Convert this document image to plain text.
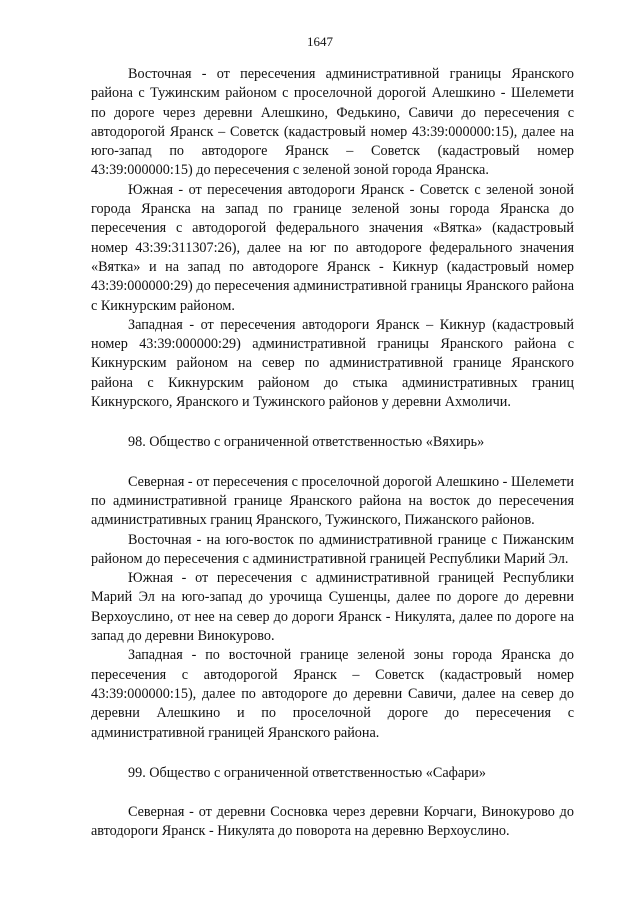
1647

Восточная - от пересечения административной границы Яранского района с Тужинским районом с проселочной дорогой Алешкино - Шелемети по дороге через деревни Алешкино, Федькино, Савичи до пересечения с автодорогой Яранск – Советск (кадастровый номер 43:39:000000:15), далее на юго-запад по автодороге Яранск – Советск (кадастровый номер 43:39:000000:15) до пересечения с зеленой зоной города Яранска.

Южная - от пересечения автодороги Яранск - Советск с зеленой зоной города Яранска на запад по границе зеленой зоны города Яранска до пересечения с автодорогой федерального значения «Вятка» (кадастровый номер 43:39:311307:26), далее на юг по автодороге федерального значения «Вятка» и на запад по автодороге Яранск - Кикнур (кадастровый номер 43:39:000000:29) до пересечения административной границы Яранского района с Кикнурским районом.

Западная - от пересечения автодороги Яранск – Кикнур (кадастровый номер 43:39:000000:29) административной границы Яранского района с Кикнурским районом на север по административной границе Яранского района с Кикнурским районом до стыка административных границ Кикнурского, Яранского и Тужинского районов у деревни Ахмоличи.

98. Общество с ограниченной ответственностью «Вяхирь»

Северная - от пересечения с проселочной дорогой Алешкино - Шелемети по административной границе Яранского района на восток до пересечения административных границ Яранского, Тужинского, Пижанского районов.

Восточная - на юго-восток по административной границе с Пижанским районом до пересечения с административной границей Республики Марий Эл.

Южная - от пересечения с административной границей Республики Марий Эл на юго-запад до урочища Сушенцы, далее по дороге до деревни Верхоуслино, от нее на север до дороги Яранск - Никулята, далее по дороге на запад до деревни Винокурово.

Западная - по восточной границе зеленой зоны города Яранска до пересечения с автодорогой Яранск – Советск (кадастровый номер 43:39:000000:15), далее по автодороге до деревни Савичи, далее на север до деревни Алешкино и по проселочной дороге до пересечения с административной границей Яранского района.

99. Общество с ограниченной ответственностью «Сафари»

Северная - от деревни Сосновка через деревни Корчаги, Винокурово до автодороги Яранск - Никулята до поворота на деревню Верхоуслино.
